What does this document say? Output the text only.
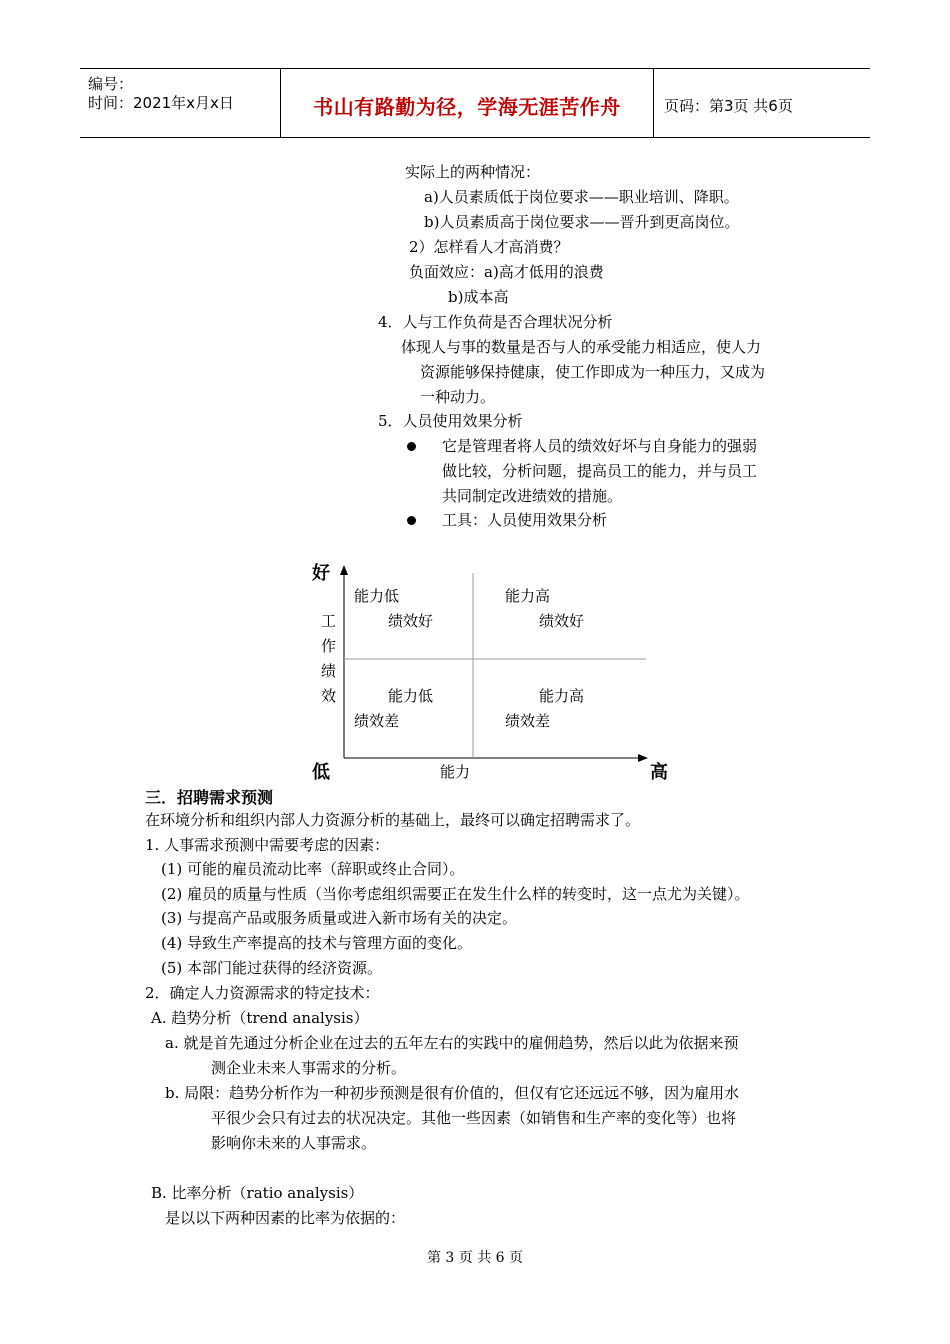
编号：
时间：2021年x月x日	书山有路勤为径，学海无涯苦作舟	页码：第3页 共6页
实际上的两种情况：
a)人员素质低于岗位要求——职业培训、降职。
b)人员素质高于岗位要求——晋升到更高岗位。
2）怎样看人才高消费？
负面效应：a)高才低用的浪费
b)成本高
4．人与工作负荷是否合理状况分析
体现人与事的数量是否与人的承受能力相适应，使人力
资源能够保持健康，使工作即成为一种压力，又成为
一种动力。
5．人员使用效果分析
它是管理者将人员的绩效好坏与自身能力的强弱
做比较，分析问题，提高员工的能力，并与员工
共同制定改进绩效的措施。
工具：人员使用效果分析
好
低	高
能力
工
作
绩
效
能力低
绩效好
能力高
绩效好
能力低
绩效差
能力高
绩效差
三．招聘需求预测
在环境分析和组织内部人力资源分析的基础上，最终可以确定招聘需求了。
1. 人事需求预测中需要考虑的因素：
(1) 可能的雇员流动比率（辞职或终止合同）。
(2) 雇员的质量与性质（当你考虑组织需要正在发生什么样的转变时，这一点尤为关键）。
(3) 与提高产品或服务质量或进入新市场有关的决定。
(4) 导致生产率提高的技术与管理方面的变化。
(5) 本部门能过获得的经济资源。
2．确定人力资源需求的特定技术：
A. 趋势分析（trend analysis）
a. 就是首先通过分析企业在过去的五年左右的实践中的雇佣趋势，然后以此为依据来预
测企业未来人事需求的分析。
b. 局限：趋势分析作为一种初步预测是很有价值的，但仅有它还远远不够，因为雇用水
平很少会只有过去的状况决定。其他一些因素（如销售和生产率的变化等）也将
影响你未来的人事需求。
B. 比率分析（ratio analysis）
是以以下两种因素的比率为依据的：
第 3 页 共 6 页
